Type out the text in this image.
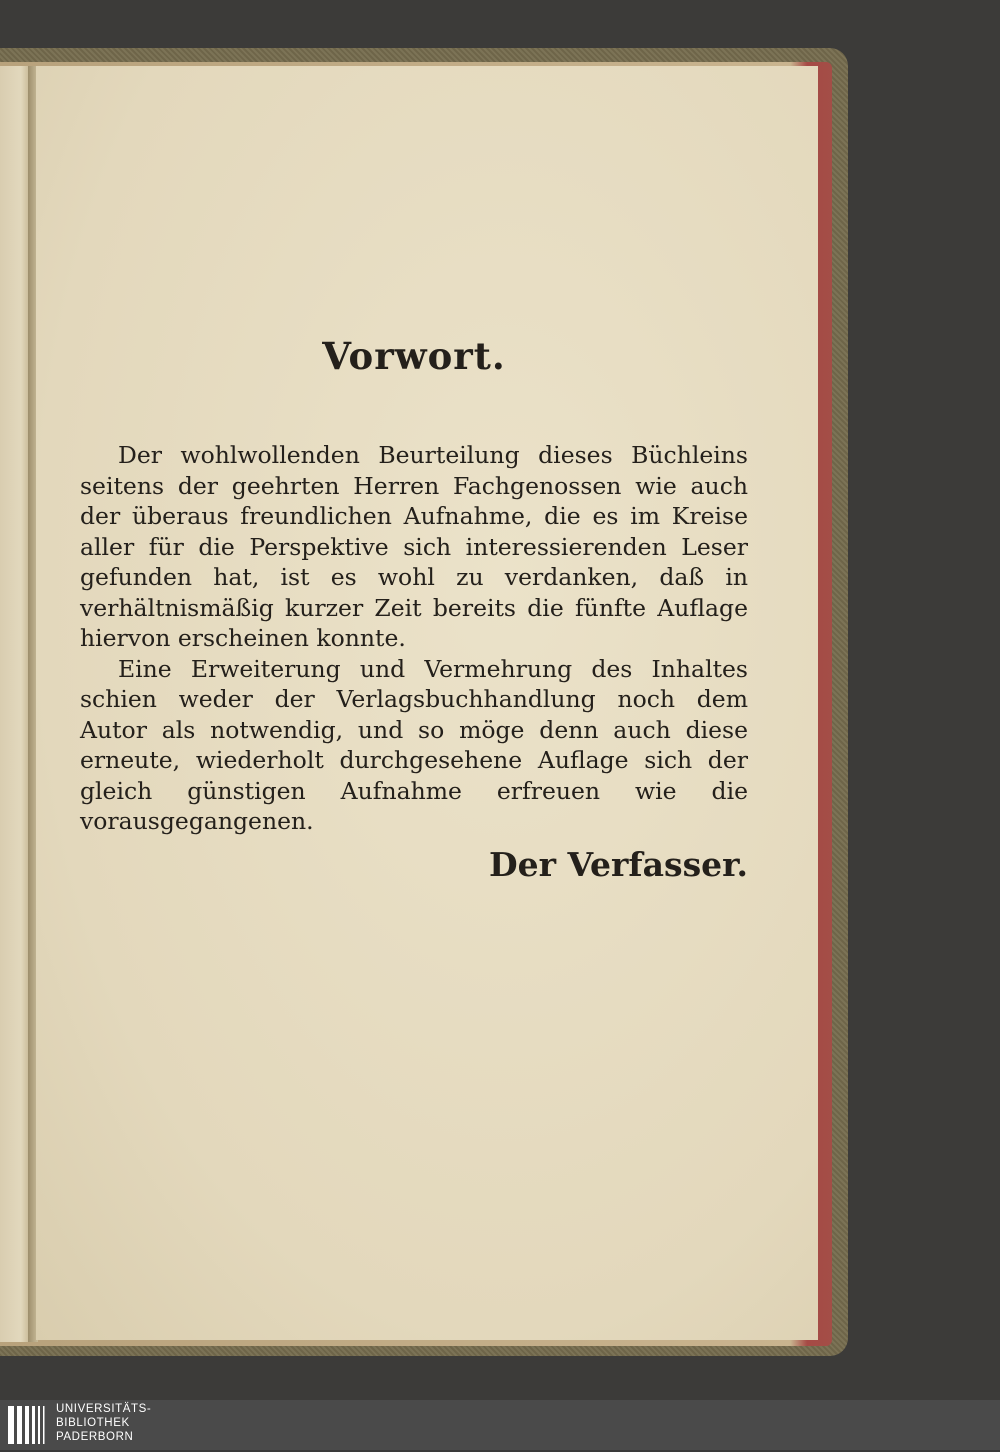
Vorwort.

Der wohlwollenden Beurteilung dieses Büchleins seitens der geehrten Herren Fachgenossen wie auch der überaus freundlichen Aufnahme, die es im Kreise aller für die Perspektive sich interessierenden Leser gefunden hat, ist es wohl zu verdanken, daß in verhältnismäßig kurzer Zeit bereits die fünfte Auflage hiervon erscheinen konnte.

Eine Erweiterung und Vermehrung des Inhaltes schien weder der Verlagsbuchhandlung noch dem Autor als notwendig, und so möge denn auch diese erneute, wiederholt durchgesehene Auflage sich der gleich günstigen Aufnahme erfreuen wie die vorausgegangenen.

Der Verfasser.
UNIVERSITÄTS-
BIBLIOTHEK
PADERBORN
